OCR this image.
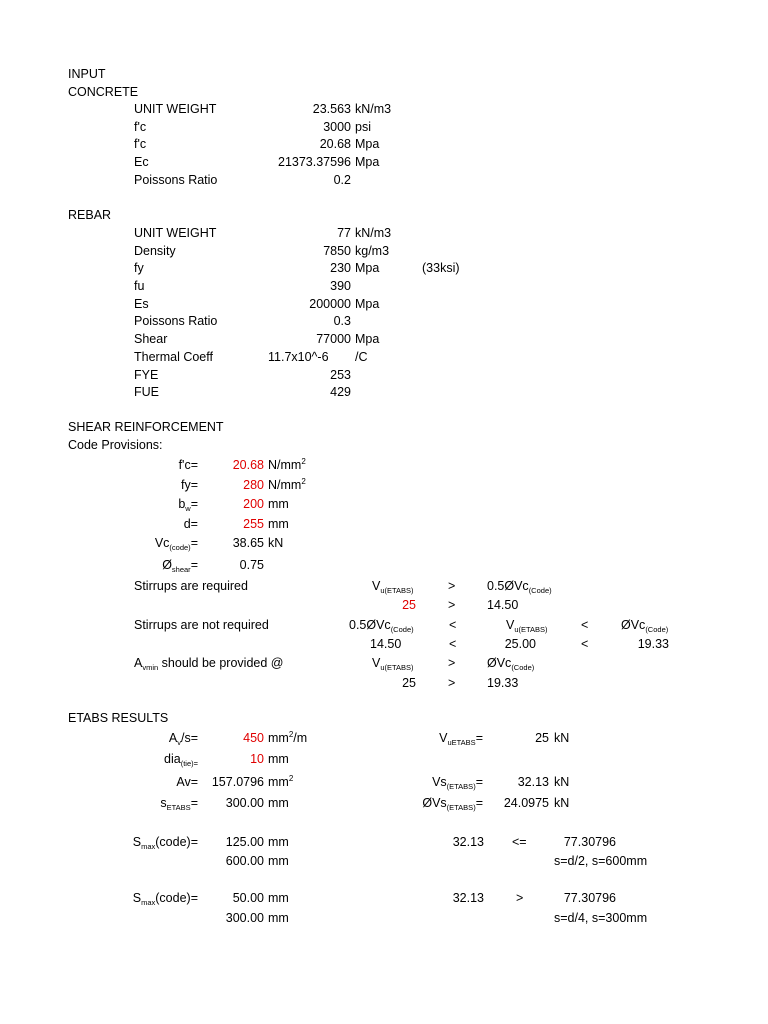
INPUT
CONCRETE
UNIT WEIGHT	23.563 kN/m3
f'c	3000 psi
f'c	20.68 Mpa
Ec	21373.37596 Mpa
Poissons Ratio	0.2
REBAR
UNIT WEIGHT	77 kN/m3
Density	7850 kg/m3
fy	230 Mpa	(33ksi)
fu	390
Es	200000 Mpa
Poissons Ratio	0.3
Shear	77000 Mpa
Thermal Coeff	11.7x10^-6 /C
FYE	253
FUE	429
SHEAR REINFORCEMENT
Code Provisions:
f'c=	20.68 $N/mm^2$
fy=	280 $N/mm^2$
$b_w=$	200 mm
d=	255 mm
$Vc_{(code)}=$	38.65 kN
$Ø_{shear}=$	0.75
Stirrups are required	$V_{u(ETABS)}$	>	0.5ØVc$_{(Code)}$
25	>	14.50
Stirrups are not required	0.5ØVc$_{(Code)}$	<	$V_{u(ETABS)}$	<	ØVc$_{(Code)}$
14.50	<	25.00	<	19.33
$A_{vmin}$ should be provided @	$V_{u(ETABS)}$	>	ØVc$_{(Code)}$
25	>	19.33
ETABS RESULTS
$A_v/s=$	450 $mm^2/m$	$V_{uETABS}=$	25 kN
dia$_{(tie)=}$	10 mm
Av= 157.0796 $mm^2$	$Vs_{(ETABS)}=$	32.13 kN
$s_{ETABS}= 300.00$ mm	ØVs$_{(ETABS)}$= 24.0975 kN
$S_{max}(code)= 125.00$ mm	32.13 <=	77.30796
600.00 mm	s=d/2, s=600mm
$S_{max}(code)=$	50.00 mm	32.13	>	77.30796
300.00 mm	s=d/4, s=300mm
